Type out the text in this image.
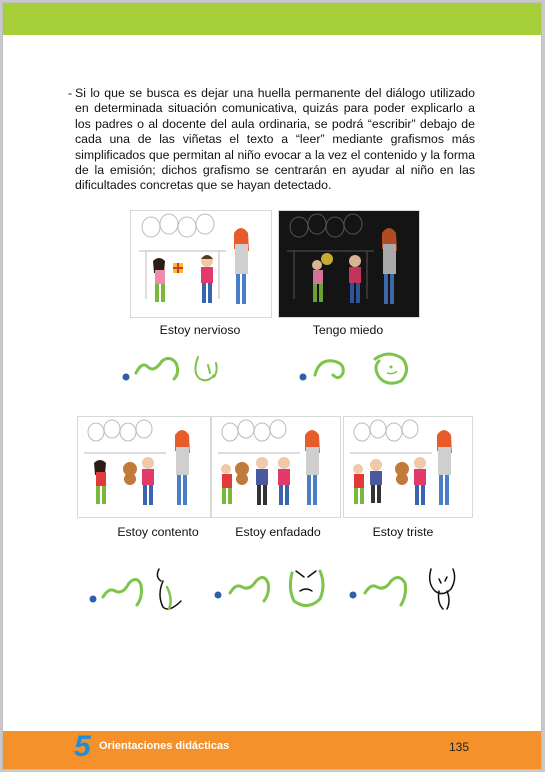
- Si lo que se busca es dejar una huella permanente del diálogo utilizado en determinada situación comunicativa, quizás para poder explicarlo a los padres o al docente del aula ordinaria, se podrá “escribir” debajo de cada una de las viñetas el texto a “leer” mediante grafismos más simplificados que permitan al niño evocar a la vez el contenido y la forma de la emisión; dichos grafismo se centrarán en ayudar al niño en las dificultades concretas que se hayan detectado.
Estoy nervioso	Tengo miedo
Estoy contento	Estoy enfadado	Estoy triste
5 Orientaciones didácticas	135
